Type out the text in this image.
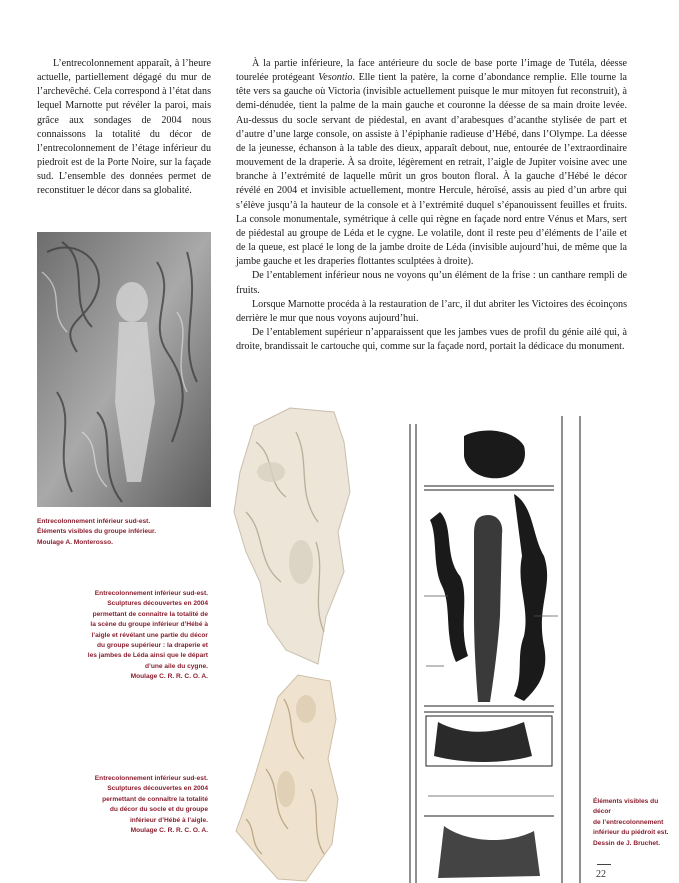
L’entrecolonnement apparaît, à l’heure actuelle, partiellement dégagé du mur de l’archevêché. Cela correspond à l’état dans lequel Marnotte put révéler la paroi, mais grâce aux sondages de 2004 nous connaissons la totalité du décor de l’entrecolonnement de l’étage inférieur du piedroit est de la Porte Noire, sur la façade sud. L’ensemble des données permet de reconstituer le décor dans sa globalité.

À la partie inférieure, la face antérieure du socle de base porte l’image de Tutéla, déesse tourelée protégeant Vesontio. Elle tient la patère, la corne d’abondance remplie. Elle tourne la tête vers sa gauche où Victoria (invisible actuellement puisque le mur mitoyen fut reconstruit), à demi-dénudée, tient la palme de la main gauche et couronne la déesse de sa main droite levée. Au-dessus du socle servant de piédestal, en avant d’arabesques d’acanthe stylisée de part et d’autre d’une large console, on assiste à l’épiphanie radieuse d’Hébé, dans l’Olympe. La déesse de la jeunesse, échanson à la table des dieux, apparaît debout, nue, entourée de l’extraordinaire mouvement de la draperie. À sa droite, légèrement en retrait, l’aigle de Jupiter voisine avec une branche à l’extrémité de laquelle mûrit un gros bouton floral. À la gauche d’Hébé le décor révélé en 2004 et invisible actuellement, montre Hercule, héroïsé, assis au pied d’un arbre qui s’élève jusqu’à la hauteur de la console et à l’extrémité duquel s’épanouissent feuilles et fruits. La console monumentale, symétrique à celle qui règne en façade nord entre Vénus et Mars, sert de piédestal au groupe de Léda et le cygne. Le volatile, dont il reste peu d’éléments de l’aile et de la queue, est placé le long de la jambe droite de Léda (invisible aujourd’hui, de même que la jambe gauche et les draperies flottantes sculptées à droite).

De l’entablement inférieur nous ne voyons qu’un élément de la frise : un canthare rempli de fruits.

Lorsque Marnotte procéda à la restauration de l’arc, il dut abriter les Victoires des écoinçons derrière le mur que nous voyons aujourd’hui.

De l’entablement supérieur n’apparaissent que les jambes vues de profil du génie ailé qui, à droite, brandissait le cartouche qui, comme sur la façade nord, portait la dédicace du monument.

Entrecolonnement inférieur sud-est.
Éléments visibles du groupe inférieur.
Moulage A. Monterosso.

Entrecolonnement inférieur sud-est.
Sculptures découvertes en 2004
permettant de connaître la totalité de
la scène du groupe inférieur d’Hébé à
l’aigle et révélant une partie du décor
du groupe supérieur : la draperie et
les jambes de Léda ainsi que le départ
d’une aile du cygne.
Moulage C. R. R. C. O. A.

Entrecolonnement inférieur sud-est.
Sculptures découvertes en 2004
permettant de connaître la totalité
du décor du socle et du groupe
inférieur d’Hébé à l’aigle.
Moulage C. R. R. C. O. A.

Éléments visibles du décor
de l’entrecolonnement
inférieur du piédroit est.
Dessin de J. Bruchet.

22
